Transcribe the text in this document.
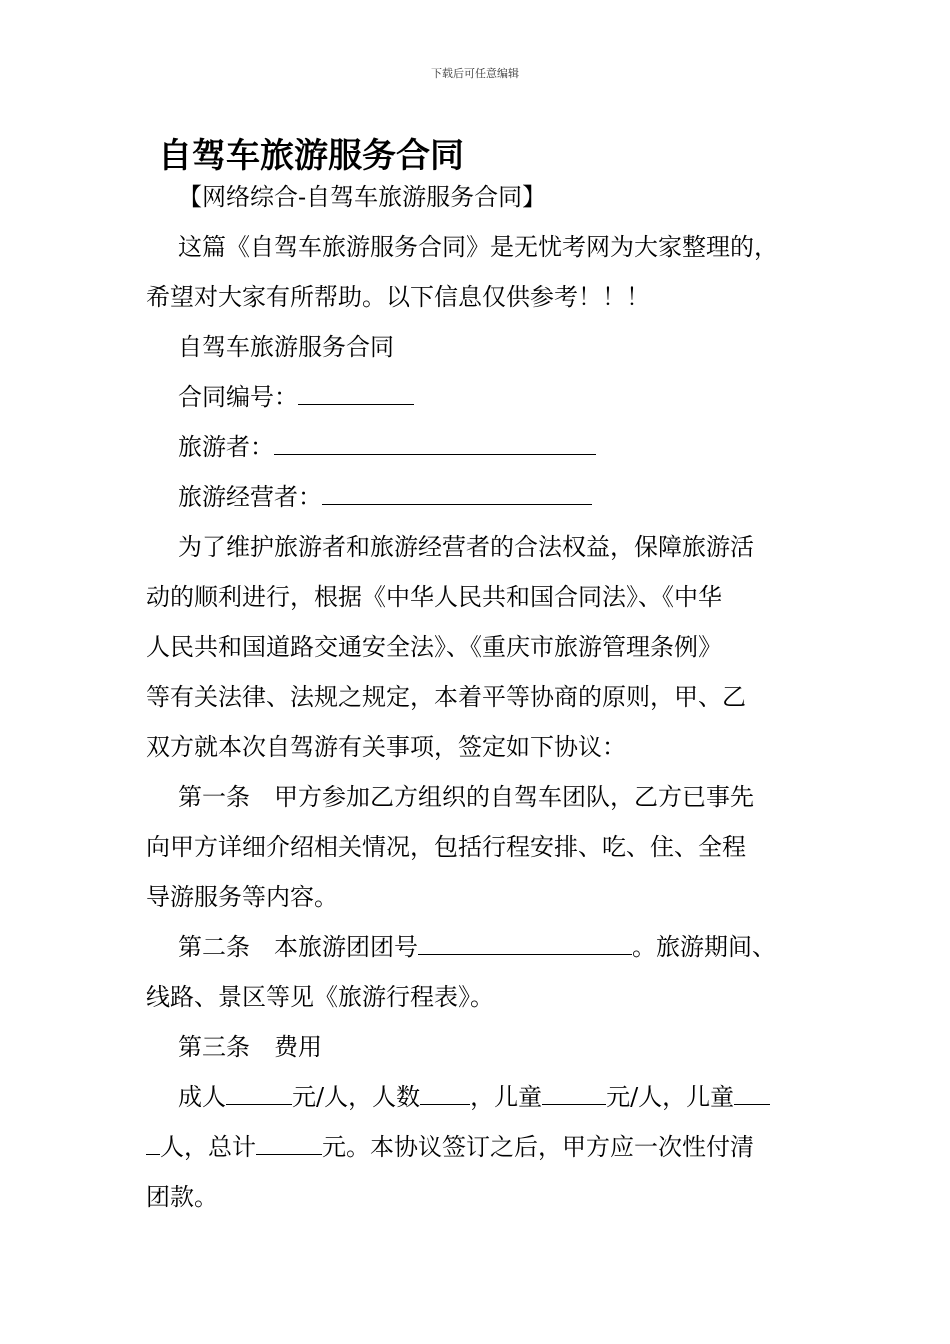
下载后可任意编辑
自驾车旅游服务合同
【网络综合-自驾车旅游服务合同】
这篇《自驾车旅游服务合同》是无忧考网为大家整理的，
希望对大家有所帮助。以下信息仅供参考！！！
自驾车旅游服务合同
合同编号：
旅游者：
旅游经营者：
为了维护旅游者和旅游经营者的合法权益，保障旅游活
动的顺利进行，根据《中华人民共和国合同法》、《中华
人民共和国道路交通安全法》、《重庆市旅游管理条例》
等有关法律、法规之规定，本着平等协商的原则，甲、乙
双方就本次自驾游有关事项，签定如下协议：
第一条　甲方参加乙方组织的自驾车团队，乙方已事先
向甲方详细介绍相关情况，包括行程安排、吃、住、全程
导游服务等内容。
第二条　本旅游团团号	。旅游期间、
线路、景区等见《旅游行程表》。
第三条　费用
成人	元/人，人数 ，儿童	元/人，儿童
人，总计	元。本协议签订之后，甲方应一次性付清
团款。
